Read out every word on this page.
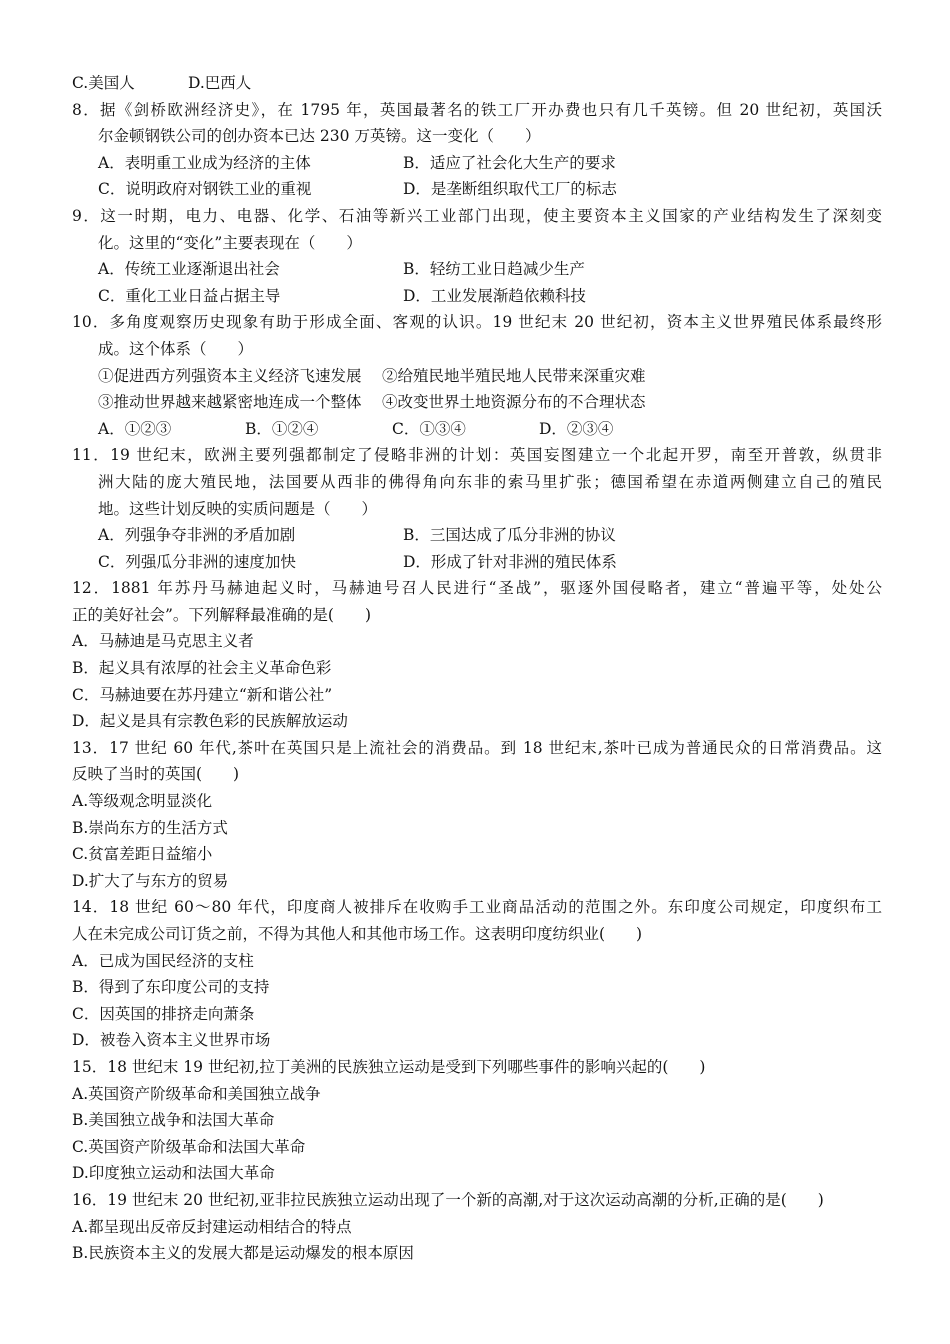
C.美国人	D.巴西人
8．据《剑桥欧洲经济史》，在 1795 年，英国最著名的铁工厂开办费也只有几千英镑。但 20 世纪初，英国沃
尔金顿钢铁公司的创办资本已达 230 万英镑。这一变化（　　）
A．表明重工业成为经济的主体	B．适应了社会化大生产的要求
C．说明政府对钢铁工业的重视	D．是垄断组织取代工厂的标志
9．这一时期，电力、电器、化学、石油等新兴工业部门出现，使主要资本主义国家的产业结构发生了深刻变
化。这里的“变化”主要表现在（　　）
A．传统工业逐渐退出社会	B．轻纺工业日趋减少生产
C．重化工业日益占据主导	D．工业发展渐趋依赖科技
10．多角度观察历史现象有助于形成全面、客观的认识。19 世纪末 20 世纪初，资本主义世界殖民体系最终形
成。这个体系（　　）
①促进西方列强资本主义经济飞速发展　 ②给殖民地半殖民地人民带来深重灾难
③推动世界越来越紧密地连成一个整体　 ④改变世界土地资源分布的不合理状态
A．①②③	B．①②④	C．①③④	D．②③④
11．19 世纪末，欧洲主要列强都制定了侵略非洲的计划：英国妄图建立一个北起开罗，南至开普敦，纵贯非
洲大陆的庞大殖民地，法国要从西非的佛得角向东非的索马里扩张；德国希望在赤道两侧建立自己的殖民
地。这些计划反映的实质问题是（　　）
A．列强争夺非洲的矛盾加剧	B．三国达成了瓜分非洲的协议
C．列强瓜分非洲的速度加快	D．形成了针对非洲的殖民体系
12．1881 年苏丹马赫迪起义时，马赫迪号召人民进行“圣战”，驱逐外国侵略者，建立“普遍平等，处处公
正的美好社会”。下列解释最准确的是(　　)
A．马赫迪是马克思主义者
B．起义具有浓厚的社会主义革命色彩
C．马赫迪要在苏丹建立“新和谐公社”
D．起义是具有宗教色彩的民族解放运动
13．17 世纪 60 年代,茶叶在英国只是上流社会的消费品。到 18 世纪末,茶叶已成为普通民众的日常消费品。这
反映了当时的英国(　　)
A.等级观念明显淡化
B.崇尚东方的生活方式
C.贫富差距日益缩小
D.扩大了与东方的贸易
14．18 世纪 60～80 年代，印度商人被排斥在收购手工业商品活动的范围之外。东印度公司规定，印度织布工
人在未完成公司订货之前，不得为其他人和其他市场工作。这表明印度纺织业(　　)
A．已成为国民经济的支柱
B．得到了东印度公司的支持
C．因英国的排挤走向萧条
D．被卷入资本主义世界市场
15．18 世纪末 19 世纪初,拉丁美洲的民族独立运动是受到下列哪些事件的影响兴起的(　　)
A.英国资产阶级革命和美国独立战争
B.美国独立战争和法国大革命
C.英国资产阶级革命和法国大革命
D.印度独立运动和法国大革命
16．19 世纪末 20 世纪初,亚非拉民族独立运动出现了一个新的高潮,对于这次运动高潮的分析,正确的是(　　)
A.都呈现出反帝反封建运动相结合的特点
B.民族资本主义的发展大都是运动爆发的根本原因
